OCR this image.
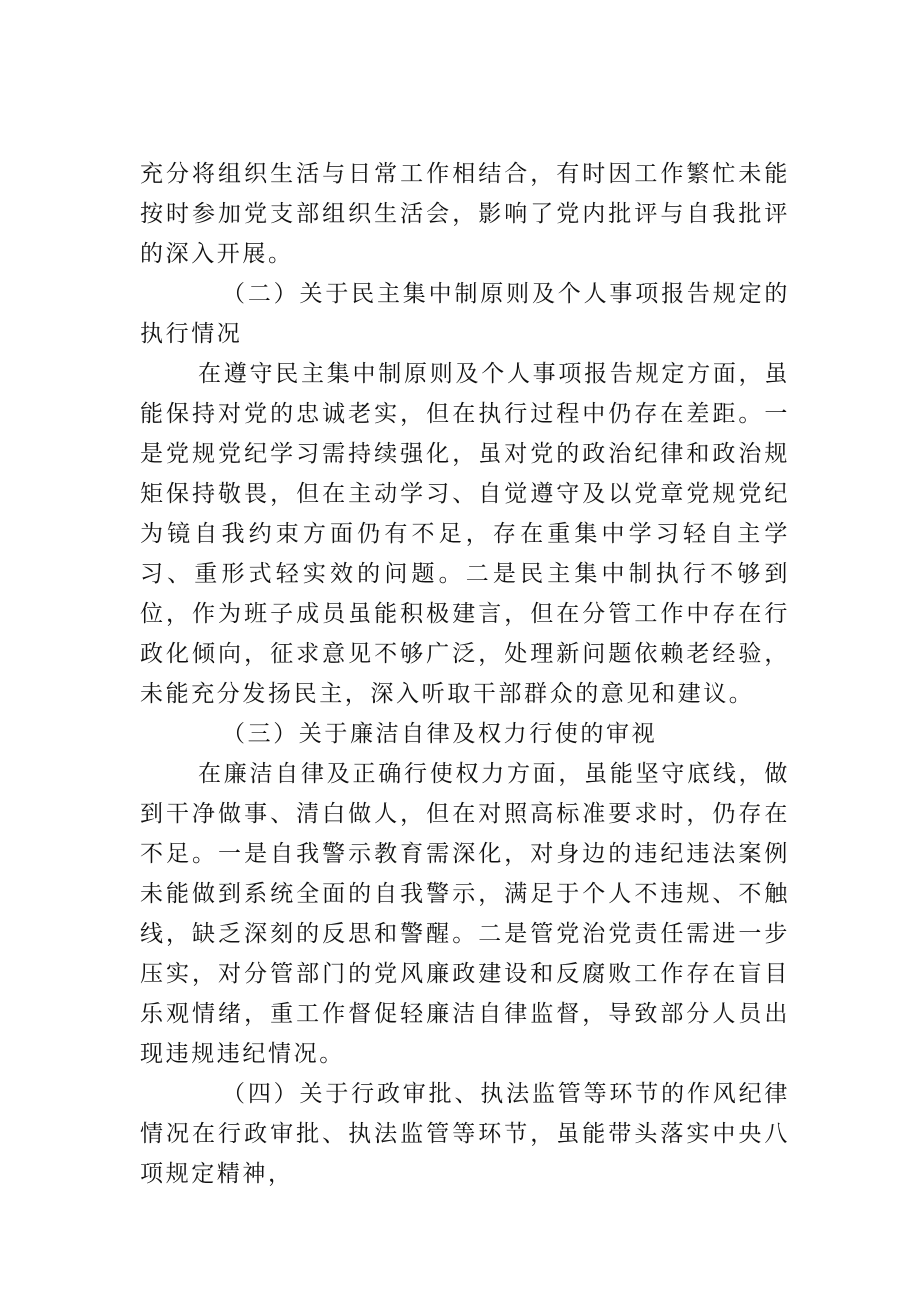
充分将组织生活与日常工作相结合，有时因工作繁忙未能按时参加党支部组织生活会，影响了党内批评与自我批评的深入开展。

（二）关于民主集中制原则及个人事项报告规定的执行情况

在遵守民主集中制原则及个人事项报告规定方面，虽能保持对党的忠诚老实，但在执行过程中仍存在差距。一是党规党纪学习需持续强化，虽对党的政治纪律和政治规矩保持敬畏，但在主动学习、自觉遵守及以党章党规党纪为镜自我约束方面仍有不足，存在重集中学习轻自主学习、重形式轻实效的问题。二是民主集中制执行不够到位，作为班子成员虽能积极建言，但在分管工作中存在行政化倾向，征求意见不够广泛，处理新问题依赖老经验，未能充分发扬民主，深入听取干部群众的意见和建议。

（三）关于廉洁自律及权力行使的审视

在廉洁自律及正确行使权力方面，虽能坚守底线，做到干净做事、清白做人，但在对照高标准要求时，仍存在不足。一是自我警示教育需深化，对身边的违纪违法案例未能做到系统全面的自我警示，满足于个人不违规、不触线，缺乏深刻的反思和警醒。二是管党治党责任需进一步压实，对分管部门的党风廉政建设和反腐败工作存在盲目乐观情绪，重工作督促轻廉洁自律监督，导致部分人员出现违规违纪情况。

（四）关于行政审批、执法监管等环节的作风纪律情况在行政审批、执法监管等环节，虽能带头落实中央八项规定精神，
